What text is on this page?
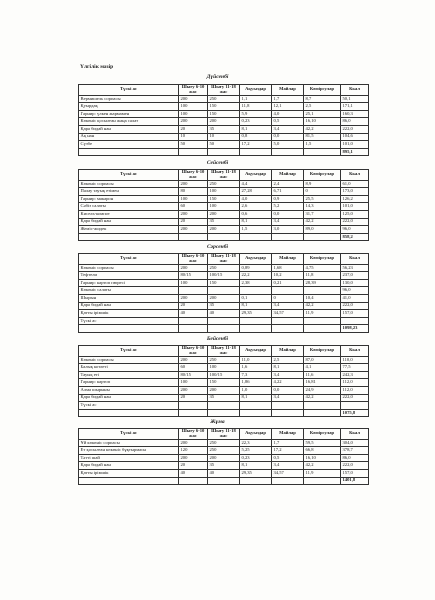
Үлгілік мәзір
Дүйсенбі
Түскі ас	Шығу 6-10 жас	Шығу 11-18 жас	Ақуыздар	Майлар	Көмірсулар	Ккал
Вермишель сорпасы	200	250	1,1	1,7	8,7	50,1
Қуырдақ	100	150	11,8	12,1	2,5	171,1
Гарнир: үлкен жармамен	100	150	5,9	4,0	25,1	160,3
Көкөніс қосылған жаңа салат	200	200	0,23	0,5	16,10	86,0
Қара бидай нан	20	35	8,1	3,4	42,2	222,0
Ақ нан	10	10	0,8	0,0	81,5	104,6
Сүзбе	50	50	17,2	5,0	1,5	101,0
						895,1
Сейсенбі
Түскі ас	Шығу 6-10 жас	Шығу 11-18 жас	Ақуыздар	Майлар	Көмірсулар	Ккал
Көкөніс сорпасы	200	250	4,4	2,4	8,9	61,0
Палау тауық етімен	80	100	27,28	6,71	0	173,0
Гарнир: макарон	100	150	4,0	0,9	25,5	126,2
Сәбіз салаты	60	100	2,6	5,2	14,3	101,0
Кисель-компот	200	200	0,6	0,0	31,7	125,0
Қара бидай нан	20	35	8,1	3,4	42,2	222,0
Жеміс-жидек	200	200	1,5	3,0	89,0	96,0
						858,2
Сәрсенбі
Түскі ас	Шығу 6-10 жас	Шығу 11-18 жас	Ақуыздар	Майлар	Көмірсулар	Ккал
Көкөніс сорпасы	200	250	0,89	1,68	4,75	56,23
Тефтели	80/15	100/15	22,2	10,2	11,8	237,0
Гарнир: картоп пюресі	100	150	2,38	0,21	28,39	130,0
Көкөніс салаты						96,0
Шырын	200	200	0,1	0	10,4	41,0
Қара бидай нан	20	35	8,1	3,4	42,2	222,0
Қатты ірімшік	40	40	29,35	34,57	11,9	157,0
Түскі ас						
						1098,23
Бейсенбі
Түскі ас	Шығу 6-10 жас	Шығу 11-18 жас	Ақуыздар	Майлар	Көмірсулар	Ккал
Көкөніс сорпасы	200	250	11,0	2,5	87,0	110,0
Балық котлеті	60	100	1,6	8,1	4,1	77,5
Тауық еті	80/15	100/15	7,3	3,4	11,6	242,3
Гарнир: картоп	100	150	1,86	4,22	16,81	112,0
Алма шырыны	200	200	1,0	0,0	24,9	112,0
Қара бидай нан	20	35	8,1	3,4	42,2	222,0
Түскі ас						
						1075,8
Жұма
Түскі ас	Шығу 6-10 жас	Шығу 11-18 жас	Ақуыздар	Майлар	Көмірсулар	Ккал
Ұй көкөніс сорпасы	200	250	22,3	1,7	59,5	304,0
Ет қосылған көкөніс бұқтырмасы	120	250	5,25	17,2	66,8	378,7
Тәтті шай	200	200	0,23	0,5	16,10	86,0
Қара бидай нан	20	35	8,1	3,4	42,2	222,0
Қатты ірімшік	40	40	29,35	34,57	11,9	157,0
						1401,8
